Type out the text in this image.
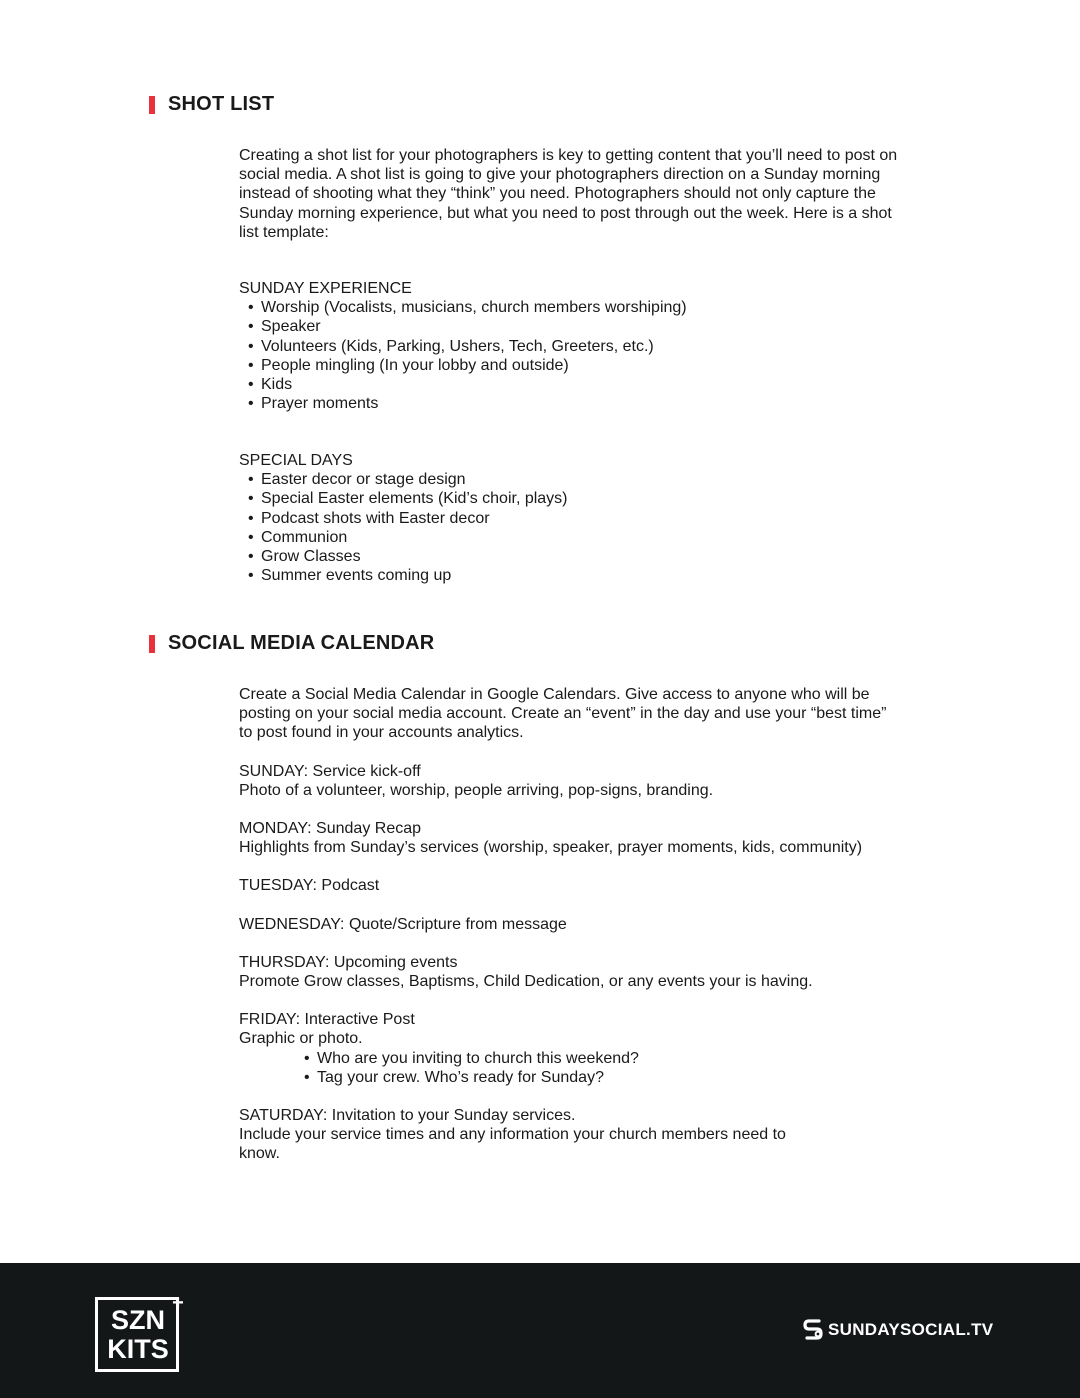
SHOT LIST

Creating a shot list for your photographers is key to getting content that you’ll need to post on social media. A shot list is going to give your photographers direction on a Sunday morning instead of shooting what they “think” you need. Photographers should not only capture the Sunday morning experience, but what you need to post through out the week. Here is a shot list template:

SUNDAY EXPERIENCE

• Worship (Vocalists, musicians, church members worshiping)
• Speaker
• Volunteers (Kids, Parking, Ushers, Tech, Greeters, etc.)
• People mingling (In your lobby and outside)
• Kids
• Prayer moments

SPECIAL DAYS

• Easter decor or stage design
• Special Easter elements (Kid’s choir, plays)
• Podcast shots with Easter decor
• Communion
• Grow Classes
• Summer events coming up
SOCIAL MEDIA CALENDAR

Create a Social Media Calendar in Google Calendars. Give access to anyone who will be posting on your social media account. Create an “event” in the day and use your “best time” to post found in your accounts analytics.

SUNDAY: Service kick-off

Photo of a volunteer, worship, people arriving, pop-signs, branding.

MONDAY: Sunday Recap

Highlights from Sunday’s services (worship, speaker, prayer moments, kids, community)

TUESDAY: Podcast

WEDNESDAY: Quote/Scripture from message

THURSDAY: Upcoming events

Promote Grow classes, Baptisms, Child Dedication, or any events your is having.

FRIDAY: Interactive Post

Graphic or photo.

• Who are you inviting to church this weekend?
• Tag your crew. Who’s ready for Sunday?

SATURDAY: Invitation to your Sunday services.

Include your service times and any information your church members need to know.

SZN
KITS
+
SUNDAYSOCIAL.TV
